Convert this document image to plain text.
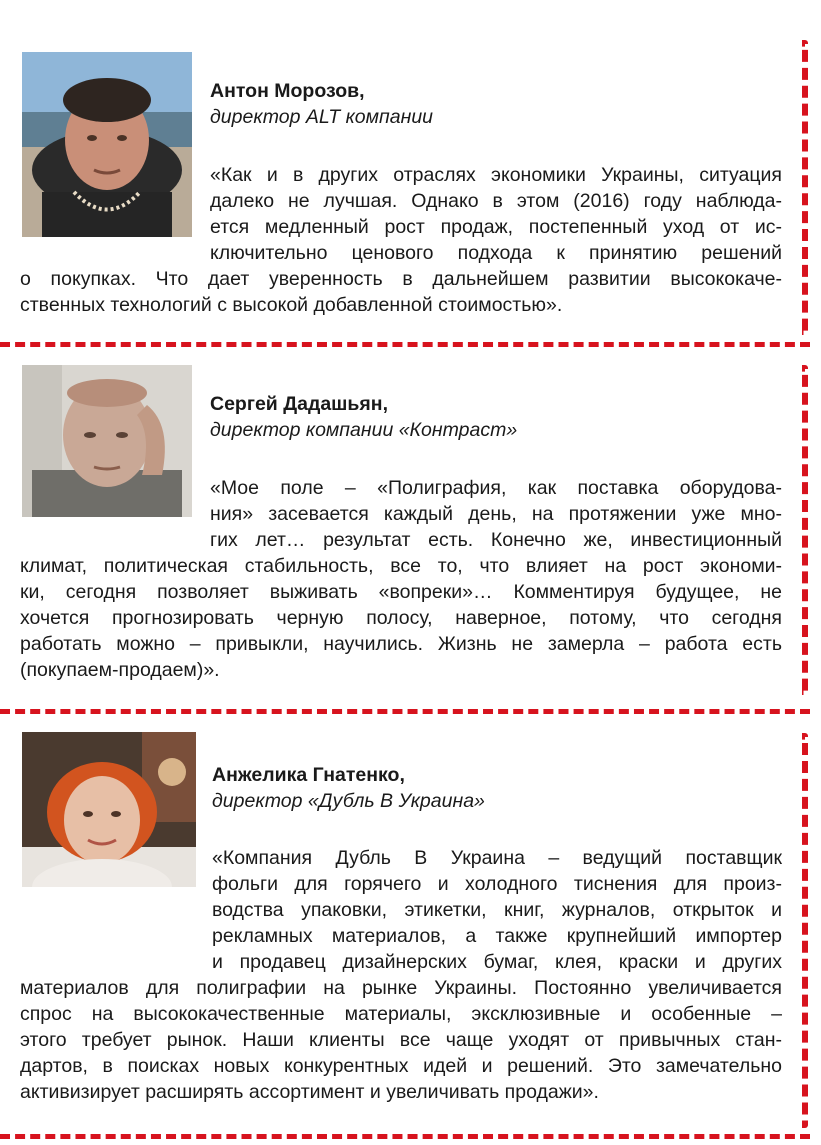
Антон Морозов,
директор ALT компании
«Как и в других отраслях экономики Украины, ситуация
далеко не лучшая. Однако в этом (2016) году наблюда-
ется медленный рост продаж, постепенный уход от ис-
ключительно ценового подхода к принятию решений
о покупках. Что дает уверенность в дальнейшем развитии высококаче-
ственных технологий с высокой добавленной стоимостью».
Сергей Дадашьян,
директор компании «Контраст»
«Мое поле – «Полиграфия, как поставка оборудова-
ния» засевается каждый день, на протяжении уже мно-
гих лет… результат есть. Конечно же, инвестиционный
климат, политическая стабильность, все то, что влияет на рост экономи-
ки, сегодня позволяет выживать «вопреки»… Комментируя будущее, не
хочется прогнозировать черную полосу, наверное, потому, что сегодня
работать можно – привыкли, научились. Жизнь не замерла – работа есть
(покупаем-продаем)».
Анжелика Гнатенко,
директор «Дубль В Украина»
«Компания Дубль В Украина – ведущий поставщик
фольги для горячего и холодного тиснения для произ-
водства упаковки, этикетки, книг, журналов, открыток и
рекламных материалов, а также крупнейший импортер
и продавец дизайнерских бумаг, клея, краски и других
материалов для полиграфии на рынке Украины. Постоянно увеличивается
спрос на высококачественные материалы, эксклюзивные и особенные –
этого требует рынок. Наши клиенты все чаще уходят от привычных стан-
дартов, в поисках новых конкурентных идей и решений. Это замечательно
активизирует расширять ассортимент и увеличивать продажи».
